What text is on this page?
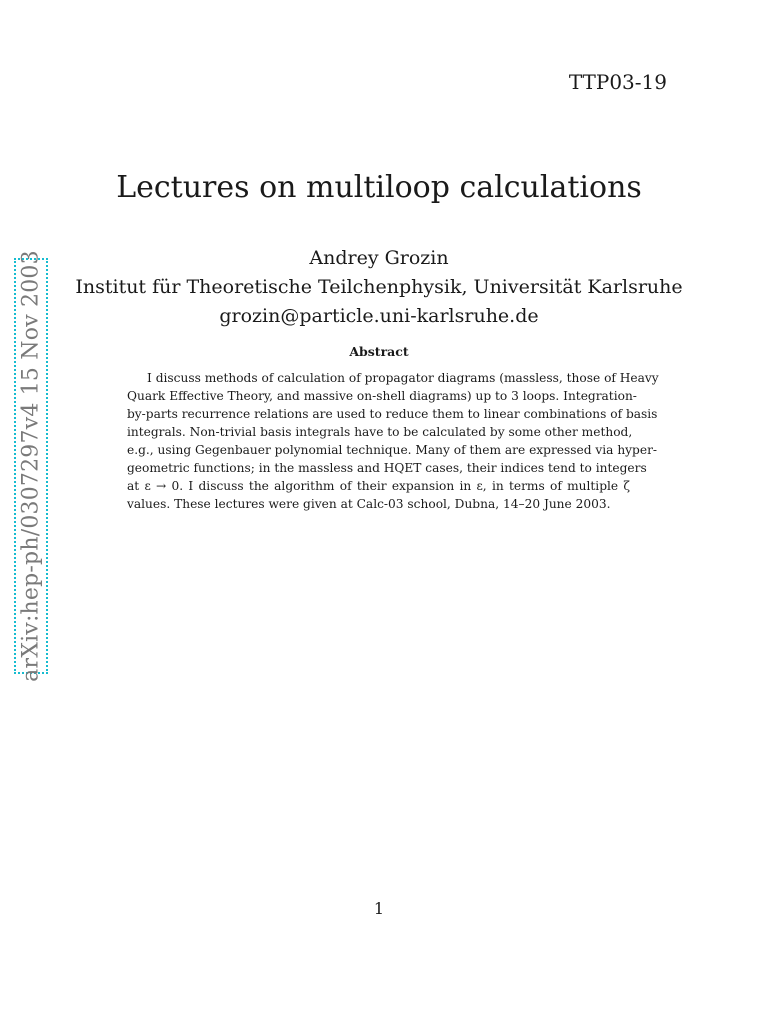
TTP03-19
arXiv:hep-ph/0307297v4 15 Nov 2003
Lectures on multiloop calculations
Andrey Grozin
Institut für Theoretische Teilchenphysik, Universität Karlsruhe
grozin@particle.uni-karlsruhe.de
Abstract
I discuss methods of calculation of propagator diagrams (massless, those of Heavy
Quark Effective Theory, and massive on-shell diagrams) up to 3 loops. Integration-
by-parts recurrence relations are used to reduce them to linear combinations of basis
integrals. Non-trivial basis integrals have to be calculated by some other method,
e.g., using Gegenbauer polynomial technique. Many of them are expressed via hyper-
geometric functions; in the massless and HQET cases, their indices tend to integers
at ε → 0. I discuss the algorithm of their expansion in ε, in terms of multiple ζ
values. These lectures were given at Calc-03 school, Dubna, 14–20 June 2003.
1
